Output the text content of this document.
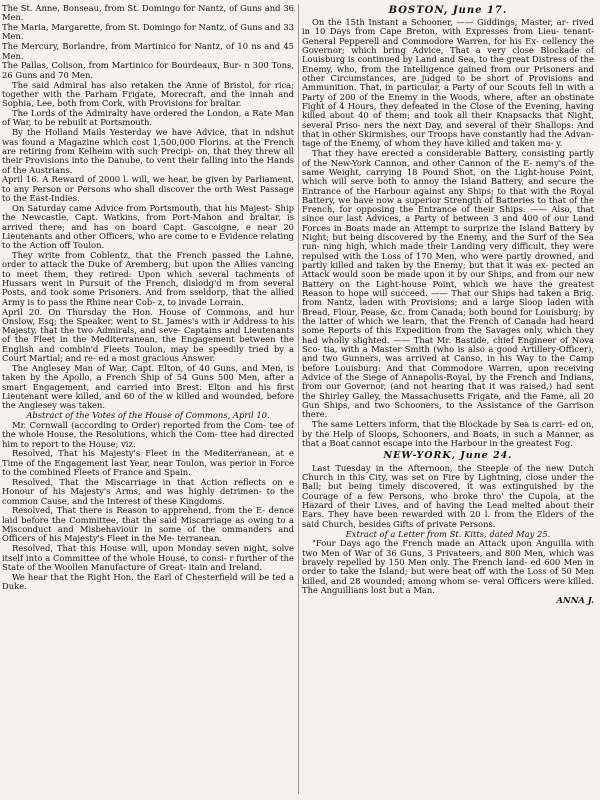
The St. Anne, Bonseau, from St. Domingo for Nantz, of Guns and 36 Men.

The Maria, Margarette, from St. Domingo for Nantz, of Guns and 33 Men.

The Mercury, Borlandre, from Martinico for Nantz, of 10 ns and 45 Men.

The Pallas, Colison, from Martinico for Bourdeaux, Bur- n 300 Tons, 26 Guns and 70 Men.

The said Admiral has also retaken the Anne of Bristol, for rica; together with the Parham Frigate, Morecraft, and the innah and Sophia, Lee, both from Cork, with Provisions for braltar.

The Lords of the Admiralty have ordered the London, a Rate Man of War, to be rebuilt at Portsmouth.

By the Holland Mails Yesterday we have Advice, that in ndshut was found a Magazine which cost 1,500,000 Florins. at the French are retiring from Kelheim with such Precipi- on, that they threw all their Provisions into the Danube, to vent their falling into the Hands of the Austrians.

April 16. A Reward of 2000 l. will, we hear, be given by Parliament, to any Person or Persons who shall discover the orth West Passage to the East-Indies.

On Saturday came Advice from Portsmouth, that his Majest- Ship the Newcastle, Capt. Watkins, from Port-Mahon and braltar, is arrived there; and has on board Capt. Gascoigne, e near 20 Lieutenants and other Officers, who are come to e Evidence relating to the Action off Toulon.

They write from Coblentz, that the French passed the Lahne, order to attack the Duke of Aremberg; but upon the Allies vancing to meet them, they retired: Upon which several tachments of Hussars went in Pursuit of the French, dislodg'd m from several Posts, and took some Prisoners. And from sseldorp, that the allied Army is to pass the Rhine near Cob- z, to invade Lorrain.

April 20. On Thursday the Hon. House of Commons, and hur Onslow, Esq; the Speaker, went to St. James's with ir Address to his Majesty, that the two Admirals, and seve- Captains and Lieutenants of the Fleet in the Mediterranean, the Engagement between the English and combin'd Fleets Toulon, may be speedily tried by a Court Martial; and re- ed a most gracious Answer.

The Anglesey Man of War, Capt. Elton, of 40 Guns, and Men, is taken by the Apollo, a French Ship of 54 Guns 500 Men, after a smart Engagement, and carried into Brest. Elton and his first Lieutenant were killed, and 60 of the w killed and wounded, before the Anglesey was taken.

Abstract of the Votes of the House of Commons, April 10.

Mr. Cornwall (according to Order) reported from the Com- tee of the whole House, the Resolutions, which the Com- ttee had directed him to report to the House; viz.

Resolved, That his Majesty's Fleet in the Mediterranean, at e Time of the Engagement last Year, near Toulon, was perior in Force to the combined Fleets of France and Spain.

Resolved, That the Miscarriage in that Action reflects on e Honour of his Majesty's Arms, and was highly detrimen- to the common Cause, and the Interest of these Kingdoms.

Resolved, That there is Reason to apprehend, from the E- dence laid before the Committee, that the said Miscarriage as owing to a Misconduct and Misbehaviour in some of the ommanders and Officers of his Majesty's Fleet in the Me- terranean.

Resolved, That this House will, upon Monday seven night, solve itself into a Committee of the whole House, to consi- r further of the State of the Woollen Manufacture of Great- itain and Ireland.

We hear that the Right Hon. the Earl of Chesterfield will be ted a Duke.

BOSTON, June 17.

On the 15th Instant a Schooner, —— Giddings, Master, ar- rived in 10 Days from Cape Breton, with Expresses from Lieu- tenant-General Pepperell and Commodore Warren, for his Ex- cellency the Governor; which bring Advice, That a very close Blockade of Louisburg is continued by Land and Sea, to the great Distress of the Enemy, who, from the Intelligence gained from our Prisoners and other Circumstances, are judged to be short of Provisions and Ammunition. That, in particular, a Party of our Scouts fell in with a Party of 200 of the Enemy in the Woods, where, after an obstinate Fight of 4 Hours, they defeated in the Close of the Evening, having killed about 40 of them; and took all their Knapsacks that Night, several Priso- ners the next Day, and several of their Shallops: And that in other Skirmishes, our Troops have constantly had the Advan- tage of the Enemy, of whom they have killed and taken ma- y.

That they have erected a considerable Battery, consisting partly of the New-York Cannon, and other Cannon of the E- nemy's of the same Weight, carrying 18 Pound Shot, on the Light-house Point, which will serve both to annoy the Island Battery, and secure the Entrance of the Harbour against any Ships; to that with the Royal Battery, we have now a superior Strength of Batteries to that of the French, for opposing the Entrance of their Ships. —— Also, that since our last Advices, a Party of between 3 and 400 of our Land Forces in Boats made an Attempt to surprize the Island Battery by Night; but being discovered by the Enemy, and the Surf of the Sea run- ning high, which made their Landing very difficult, they were repulsed with the Loss of 170 Men, who were partly drowned, and partly killed and taken by the Enemy; but that it was ex- pected an Attack would soon be made upon it by our Ships, and from our new Battery on the Light-house Point, which we have the greatest Reason to hope will succeed. —— That our Ships had taken a Brig. from Nantz, laden with Provisions; and a large Sloop laden with Bread, Flour, Pease, &c. from Canada; both bound for Louisburg; by the latter of which we learn, that the French of Canada had heard some Reports of this Expedition from the Savages only, which they had wholly slighted. —— That Mr. Bastide, chief Engineer of Nova Sco- tia, with a Master Smith (who is also a good Artillery-Officer), and two Gunners, was arrived at Canso, in his Way to the Camp before Louisburg: And that Commodore Warren, upon receiving Advice of the Siege of Annapolis-Royal, by the French and Indians, from our Governor, (and not hearing that it was raised,) had sent the Shirley Galley, the Massachusetts Frigate, and the Fame, all 20 Gun Ships, and two Schooners, to the Assistance of the Garrison there.

The same Letters inform, that the Blockade by Sea is carri- ed on, by the Help of Sloops, Schooners, and Boats, in such a Manner, as that a Boat cannot escape into the Harbour in the greatest Fog.

NEW-YORK, June 24.

Last Tuesday in the Afternoon, the Steeple of the new Dutch Church in this City, was set on Fire by Lightning, close under the Ball; but being timely discovered, it was extinguished by the Courage of a few Persons, who broke thro' the Cupola, at the Hazard of their Lives, and of having the Lead melted about their Ears. They have been rewarded with 20 l. from the Elders of the said Church, besides Gifts of private Persons.

Extract of a Letter from St. Kitts, dated May 25.

"Four Days ago the French made an Attack upon Anguilla with two Men of War of 36 Guns, 3 Privateers, and 800 Men, which was bravely repelled by 150 Men only. The French land- ed 600 Men in order to take the Island; but were beat off with the Loss of 50 Men killed, and 28 wounded; among whom se- veral Officers were killed. The Anguillians lost but a Man.

ANNA J.
